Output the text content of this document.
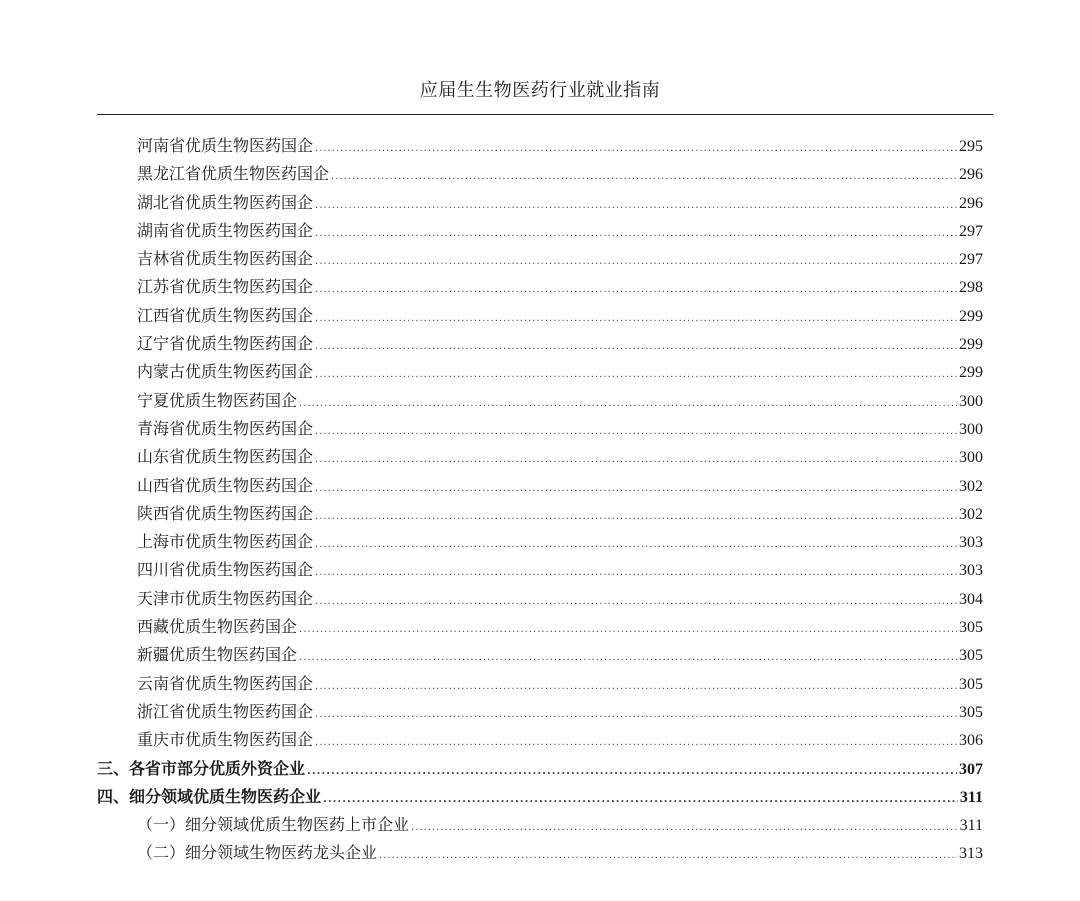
应届生生物医药行业就业指南
河南省优质生物医药国企 .....	295
黑龙江省优质生物医药国企 .....	296
湖北省优质生物医药国企 .....	296
湖南省优质生物医药国企 .....	297
吉林省优质生物医药国企 .....	297
江苏省优质生物医药国企 .....	298
江西省优质生物医药国企 .....	299
辽宁省优质生物医药国企 .....	299
内蒙古优质生物医药国企 .....	299
宁夏优质生物医药国企 .....	300
青海省优质生物医药国企 .....	300
山东省优质生物医药国企 .....	300
山西省优质生物医药国企 .....	302
陕西省优质生物医药国企 .....	302
上海市优质生物医药国企 .....	303
四川省优质生物医药国企 .....	303
天津市优质生物医药国企 .....	304
西藏优质生物医药国企 .....	305
新疆优质生物医药国企 .....	305
云南省优质生物医药国企 .....	305
浙江省优质生物医药国企 .....	305
重庆市优质生物医药国企 .....	306
三、各省市部分优质外资企业 .....	307
四、细分领域优质生物医药企业 .....	311
（一）细分领域优质生物医药上市企业 .....	311
（二）细分领域生物医药龙头企业 .....	313
